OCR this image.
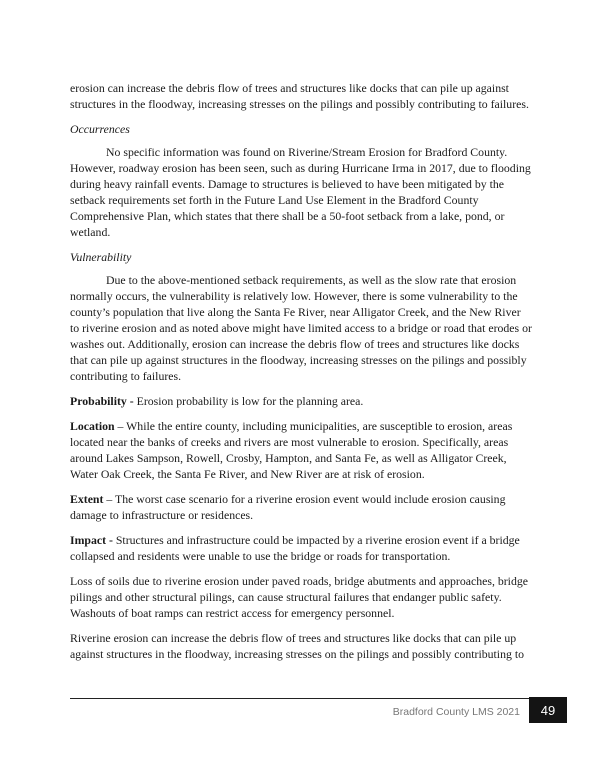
erosion can increase the debris flow of trees and structures like docks that can pile up against structures in the floodway, increasing stresses on the pilings and possibly contributing to failures.

Occurrences

No specific information was found on Riverine/Stream Erosion for Bradford County. However, roadway erosion has been seen, such as during Hurricane Irma in 2017, due to flooding during heavy rainfall events. Damage to structures is believed to have been mitigated by the setback requirements set forth in the Future Land Use Element in the Bradford County Comprehensive Plan, which states that there shall be a 50-foot setback from a lake, pond, or wetland.

Vulnerability

Due to the above-mentioned setback requirements, as well as the slow rate that erosion normally occurs, the vulnerability is relatively low. However, there is some vulnerability to the county’s population that live along the Santa Fe River, near Alligator Creek, and the New River to riverine erosion and as noted above might have limited access to a bridge or road that erodes or washes out. Additionally, erosion can increase the debris flow of trees and structures like docks that can pile up against structures in the floodway, increasing stresses on the pilings and possibly contributing to failures.

Probability - Erosion probability is low for the planning area.

Location – While the entire county, including municipalities, are susceptible to erosion, areas located near the banks of creeks and rivers are most vulnerable to erosion. Specifically, areas around Lakes Sampson, Rowell, Crosby, Hampton, and Santa Fe, as well as Alligator Creek, Water Oak Creek, the Santa Fe River, and New River are at risk of erosion.

Extent – The worst case scenario for a riverine erosion event would include erosion causing damage to infrastructure or residences.

Impact - Structures and infrastructure could be impacted by a riverine erosion event if a bridge collapsed and residents were unable to use the bridge or roads for transportation.

Loss of soils due to riverine erosion under paved roads, bridge abutments and approaches, bridge pilings and other structural pilings, can cause structural failures that endanger public safety. Washouts of boat ramps can restrict access for emergency personnel.

Riverine erosion can increase the debris flow of trees and structures like docks that can pile up against structures in the floodway, increasing stresses on the pilings and possibly contributing to

Bradford County LMS 2021	49
